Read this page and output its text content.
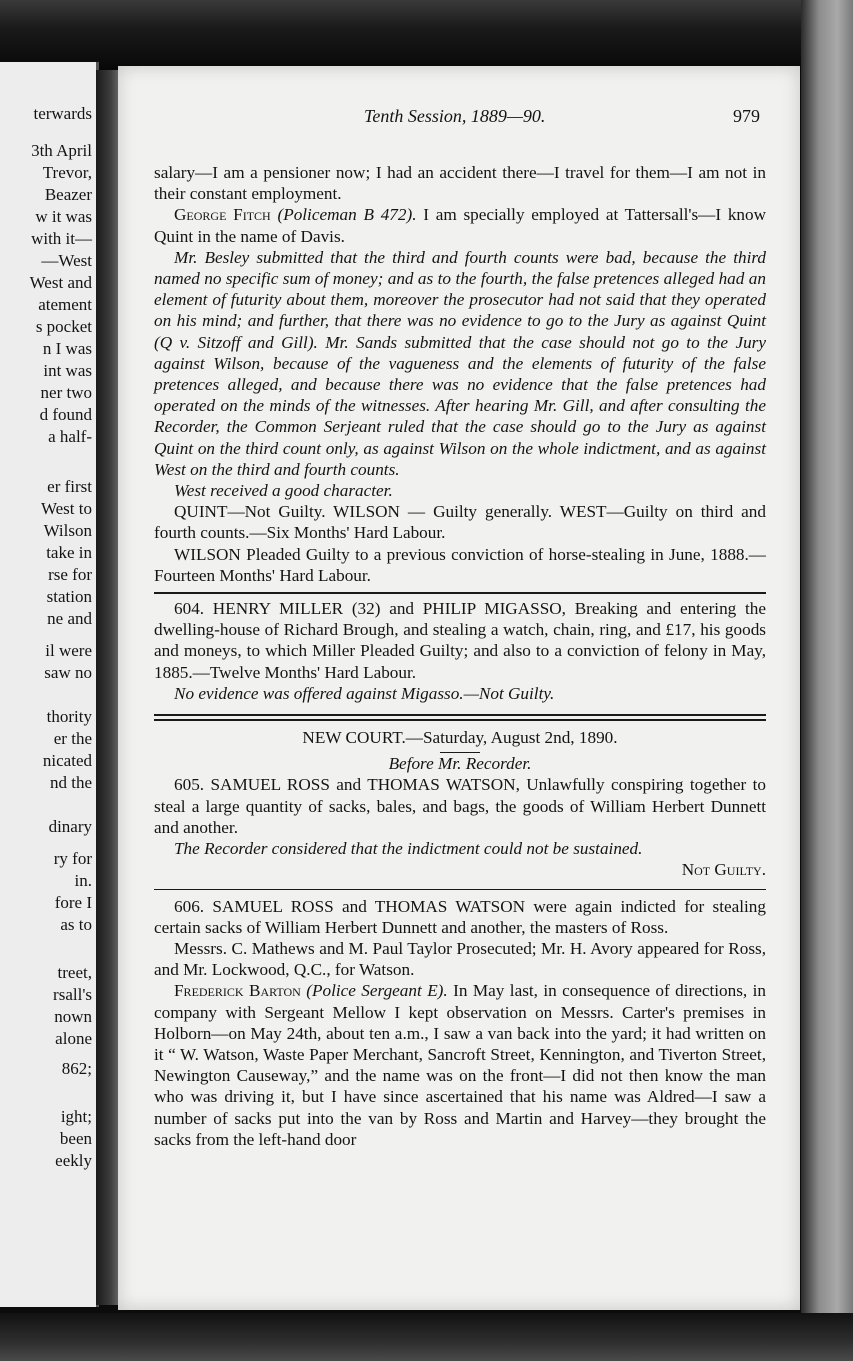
terwards
3th April
Trevor,
Beazer
w it was
with it—
—West
West and
atement
s pocket
n I was
int was
ner two
d found
a half-
er first
West to
Wilson
take in
rse for
station
ne and
il were
saw no
thority
er the
nicated
nd the
dinary
ry for
in.
fore I
as to
treet,
rsall's
nown
alone
862;
ight;
been
eekly
Tenth Session, 1889—90.	979

salary—I am a pensioner now; I had an accident there—I travel for them—I am not in their constant employment.

George Fitch (Policeman B 472). I am specially employed at Tattersall's—I know Quint in the name of Davis.

Mr. Besley submitted that the third and fourth counts were bad, because the third named no specific sum of money; and as to the fourth, the false pretences alleged had an element of futurity about them, moreover the prosecutor had not said that they operated on his mind; and further, that there was no evidence to go to the Jury as against Quint (Q v. Sitzoff and Gill). Mr. Sands submitted that the case should not go to the Jury against Wilson, because of the vagueness and the elements of futurity of the false pretences alleged, and because there was no evidence that the false pretences had operated on the minds of the witnesses. After hearing Mr. Gill, and after consulting the Recorder, the Common Serjeant ruled that the case should go to the Jury as against Quint on the third count only, as against Wilson on the whole indictment, and as against West on the third and fourth counts.

West received a good character.

QUINT—Not Guilty. WILSON — Guilty generally. WEST—Guilty on third and fourth counts.—Six Months' Hard Labour.

WILSON Pleaded Guilty to a previous conviction of horse-stealing in June, 1888.—Fourteen Months' Hard Labour.

604. HENRY MILLER (32) and PHILIP MIGASSO, Breaking and entering the dwelling-house of Richard Brough, and stealing a watch, chain, ring, and £17, his goods and moneys, to which Miller Pleaded Guilty; and also to a conviction of felony in May, 1885.—Twelve Months' Hard Labour.

No evidence was offered against Migasso.—Not Guilty.

NEW COURT.—Saturday, August 2nd, 1890.

Before Mr. Recorder.

605. SAMUEL ROSS and THOMAS WATSON, Unlawfully conspiring together to steal a large quantity of sacks, bales, and bags, the goods of William Herbert Dunnett and another.

The Recorder considered that the indictment could not be sustained.

Not Guilty.

606. SAMUEL ROSS and THOMAS WATSON were again indicted for stealing certain sacks of William Herbert Dunnett and another, the masters of Ross.

Messrs. C. Mathews and M. Paul Taylor Prosecuted; Mr. H. Avory appeared for Ross, and Mr. Lockwood, Q.C., for Watson.

Frederick Barton (Police Sergeant E). In May last, in consequence of directions, in company with Sergeant Mellow I kept observation on Messrs. Carter's premises in Holborn—on May 24th, about ten a.m., I saw a van back into the yard; it had written on it “ W. Watson, Waste Paper Merchant, Sancroft Street, Kennington, and Tiverton Street, Newington Causeway,” and the name was on the front—I did not then know the man who was driving it, but I have since ascertained that his name was Aldred—I saw a number of sacks put into the van by Ross and Martin and Harvey—they brought the sacks from the left-hand door
